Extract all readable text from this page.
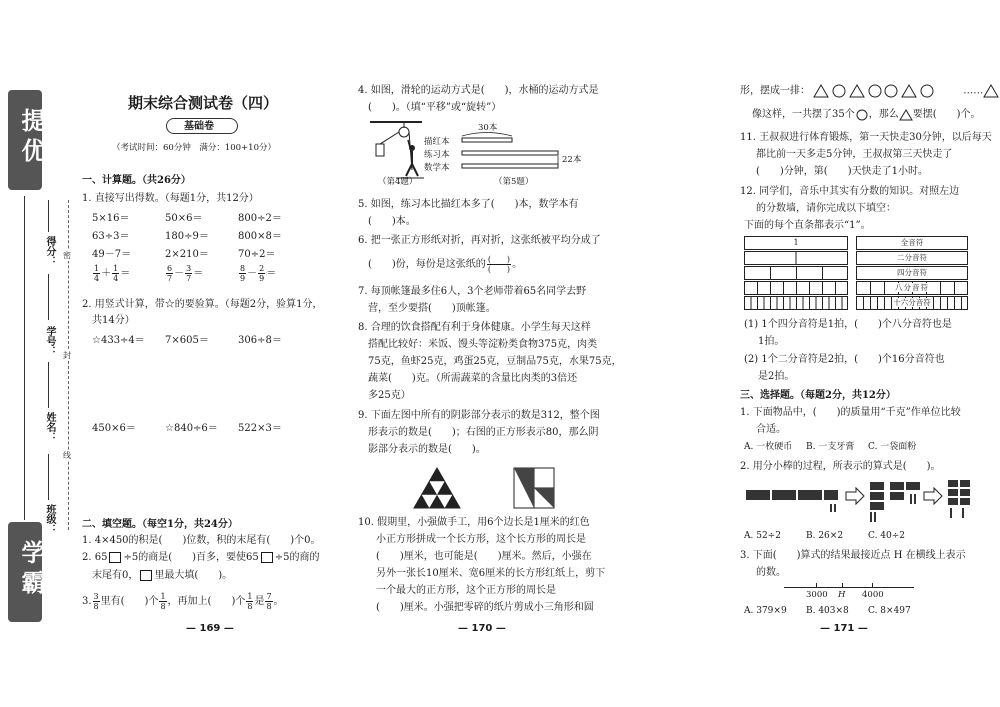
提优
学霸
得分：
学号：
姓名：
班级：
密
封
线
期末综合测试卷（四）
基础卷
（考试时间：60分钟　满分：100+10分）
一、计算题。（共26分）
1. 直接写出得数。（每题1分，共12分）
5×16＝	50×6＝	800÷2＝
63÷3＝	180÷9＝	800×8＝
49－7＝	2×210＝	70÷2＝
$\frac{1}{4} + \frac{1}{4}$ ＝	$\frac{6}{7} - \frac{3}{7}$ ＝	$\frac{8}{9} - \frac{2}{9}$ ＝
2. 用竖式计算，带☆的要验算。（每题2分，验算1分，
共14分）
☆433÷4＝ 7×605＝	306÷8＝
450×6＝	☆840÷6＝ 522×3＝
二、填空题。（每空1分，共24分）
1. 4×450的积是(　　)位数，积的末尾有(　　)个0。
2. 65 ÷5的商是(　　)百多，要使65 ÷5的商的
末尾有0， 里最大填(　　)。
3. $\frac{3}{8}$ 里有(　　)个 $\frac{1}{8}$ ，再加上(　　)个 $\frac{1}{8}$ 是 $\frac{7}{8}$ 。
— 169 —
4. 如图，滑轮的运动方式是(　　)，水桶的运动方式是
(　　)。（填“平移”或“旋转”）
（第4题）
描红本
练习本
数学本
30本
22本
（第5题）
5. 如图，练习本比描红本多了(　　)本，数学本有
(　　)本。
6. 把一张正方形纸对折，再对折，这张纸被平均分成了
(　　)份，每份是这张纸的 $\frac{( )}{( )}$ 。
7. 每顶帐篷最多住6人，3个老师带着65名同学去野
营，至少要搭(　　)顶帐篷。
8. 合理的饮食搭配有利于身体健康。小学生每天这样
搭配比较好：米饭、馒头等淀粉类食物375克，肉类
75克，鱼虾25克，鸡蛋25克，豆制品75克，水果75克，
蔬菜(　　)克。（所需蔬菜的含量比肉类的3倍还
多25克）
9. 下面左图中所有的阴影部分表示的数是312，整个图
形表示的数是(　　)；右图的正方形表示80，那么阴
影部分表示的数是(　　)。
10. 假期里，小强做手工，用6个边长是1厘米的红色
小正方形拼成一个长方形，这个长方形的周长是
(　　)厘米，也可能是(　　)厘米。然后，小强在
另外一张长10厘米、宽6厘米的长方形红纸上，剪下
一个最大的正方形，这个正方形的周长是
(　　)厘米。小强把零碎的纸片剪成小三角形和圆
— 170 —
形，摆成一排：	……
像这样，一共摆了35个 ，那么 要摆(　　)个。
11. 王叔叔进行体育锻炼，第一天快走30分钟，以后每天
都比前一天多走5分钟，王叔叔第三天快走了
(　　)分钟，第(　　)天快走了1小时。
12. 同学们，音乐中其实有分数的知识。对照左边
的分数墙，请你完成以下填空：
下面的每个直条都表示“1”。
1	全音符
二分音符
四分音符
八分音符
十六分音符
(1) 1个四分音符是1拍，(　　)个八分音符也是
1拍。
(2) 1个二分音符是2拍，(　　)个16分音符也
是2拍。
三、选择题。（每题2分，共12分）
1. 下面物品中，(　　)的质量用“千克”作单位比较
合适。
A. 一枚硬币 B. 一支牙膏 C. 一袋面粉
2. 用分小棒的过程，所表示的算式是(　　)。
A. 52÷2	B. 26×2	C. 40÷2
3. 下面(　　)算式的结果最接近点 H 在横线上表示
的数。
3000 H 4000
A. 379×9 B. 403×8 C. 8×497
— 171 —
